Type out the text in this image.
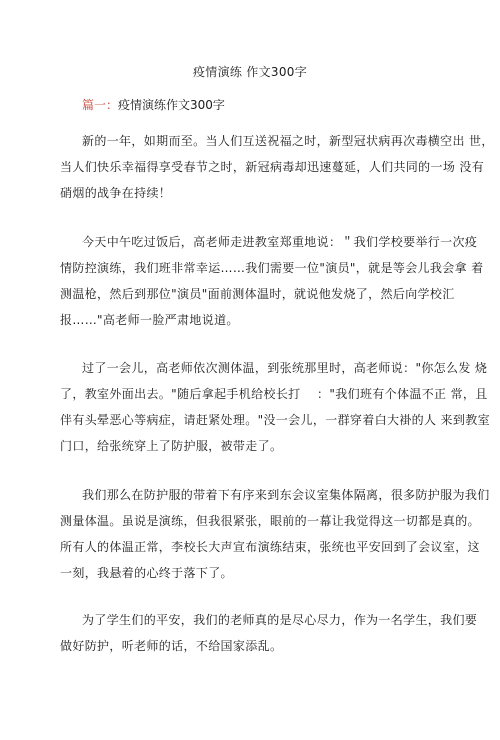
疫情演练 作文300字
篇一：疫情演练作文300字
新的一年，如期而至。当人们互送祝福之时，新型冠状病再次毒横空出 世，
当人们快乐幸福得享受春节之时，新冠病毒却迅速蔓延，人们共同的一场 没有
硝烟的战争在持续！
今天中午吃过饭后，高老师走进教室郑重地说：＂我们学校要举行一次疫
情防控演练，我们班非常幸运……我们需要一位"演员"，就是等会儿我会拿 着
测温枪，然后到那位"演员"面前测体温时，就说他发烧了，然后向学校汇
报……"高老师一脸严肃地说道。
过了一会儿，高老师依次测体温，到张统那里时，高老师说："你怎么发 烧
了，教室外面出去。"随后拿起手机给校长打　 ："我们班有个体温不正 常，且
伴有头晕恶心等病症，请赶紧处理。"没一会儿，一群穿着白大褂的人 来到教室
门口，给张统穿上了防护服，被带走了。
我们那么在防护服的带着下有序来到东会议室集体隔离，很多防护服为我们
测量体温。虽说是演练，但我很紧张，眼前的一幕让我觉得这一切都是真的。
所有人的体温正常，李校长大声宣布演练结束，张统也平安回到了会议室，这
一刻，我悬着的心终于落下了。
为了学生们的平安，我们的老师真的是尽心尽力，作为一名学生，我们要
做好防护，听老师的话，不给国家添乱。
